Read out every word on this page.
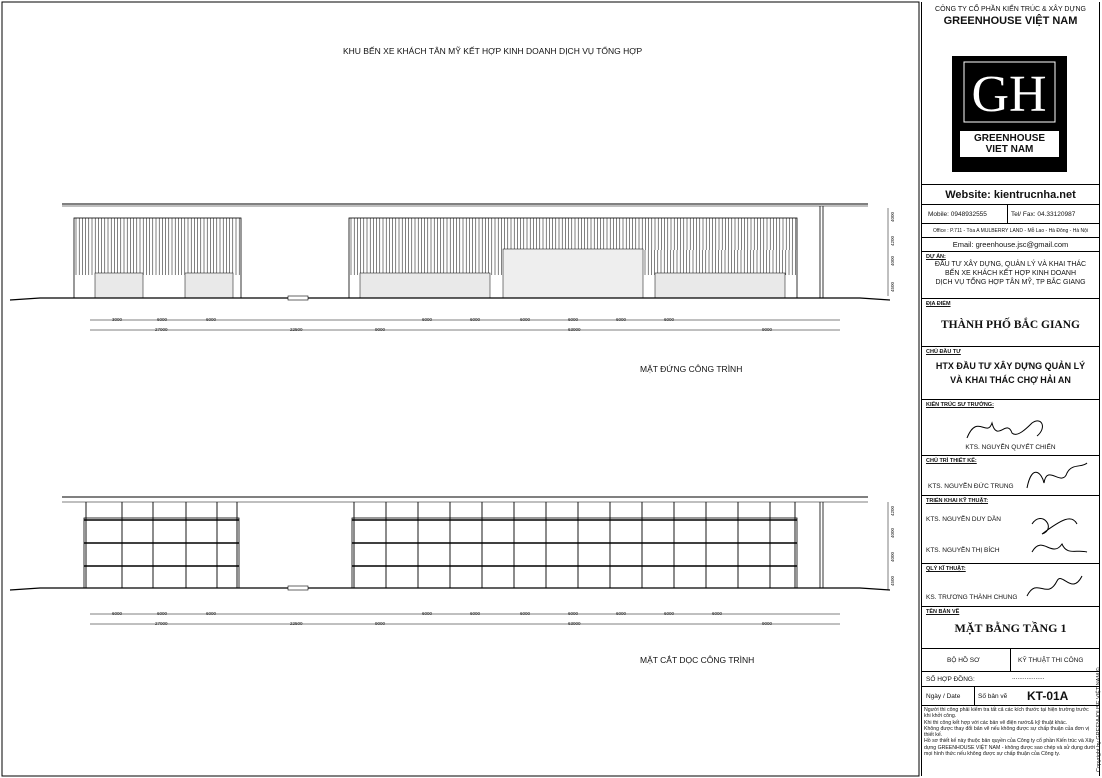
KHU BẾN XE KHÁCH TÂN MỸ KẾT HỢP KINH DOANH DỊCH VỤ TỔNG HỢP
MẶT ĐỨNG CÔNG TRÌNH
MẶT CẮT DỌC CÔNG TRÌNH
CÔNG TY CỔ PHẦN KIẾN TRÚC & XÂY DỰNG
GREENHOUSE VIỆT NAM
GH
GREENHOUSE
VIET NAM
Website: kientrucnha.net
Mobile: 0948932555	Tel/ Fax: 04.33120987
Office : P.711 - Tòa A MULBERRY LAND - Mỗ Lao - Hà Đông - Hà Nội
Email: greenhouse.jsc@gmail.com
DỰ ÁN:
ĐẦU TƯ XÂY DỰNG, QUẢN LÝ VÀ KHAI THÁC
BẾN XE KHÁCH KẾT HỢP KINH DOANH
DỊCH VỤ TỔNG HỢP TÂN MỸ, TP BẮC GIANG
ĐỊA ĐIỂM
THÀNH PHỐ BẮC GIANG
CHỦ ĐẦU TƯ
HTX ĐẦU TƯ XÂY DỰNG QUẢN LÝ
VÀ KHAI THÁC CHỢ HẢI AN
KIẾN TRÚC SƯ TRƯỞNG:
KTS. NGUYỄN QUYẾT CHIẾN
CHỦ TRÌ THIẾT KẾ:
KTS. NGUYỄN ĐỨC TRUNG
TRIỂN KHAI KỸ THUẬT:
KTS. NGUYỄN DUY DẦN
KTS. NGUYỄN THỊ BÍCH
QLÝ KĨ THUẬT:
KS. TRƯƠNG THÀNH CHUNG
TÊN BẢN VẼ
MẶT BẰNG TẦNG 1
BỘ HỒ SƠ	KỸ THUẬT THI CÔNG
SỐ HỢP ĐỒNG:	..................
Ngày / Date	Số bản vẽ KT-01A
Người thi công phải kiểm tra tất cả các kích thước tại hiện trường trước khi khởi công.
Khi thi công kết hợp với các bản vẽ điện nước& kỹ thuật khác.
Không được thay đổi bản vẽ nếu không được sự chấp thuận của đơn vị thiết kế.
Hồ sơ thiết kế này thuộc bản quyền của Công ty cổ phần Kiến trúc và Xây dựng GREENHOUSE VIỆT NAM - không được sao chép và sử dụng dưới mọi hình thức nếu không được sự chấp thuận của Công ty.	Copyright by GREENHOUSE VIỆT NAM ©
3000	6000	6000	6000	6000	6000	6000	6000	6000
6000	6000	6000	6000	6000	6000	6000	6000	6000	6000
27000	22500	9000	63000	9000
27000	22500	9000	63000	9000
4000
4200
4000
4500
4200
4000
4000
4500
